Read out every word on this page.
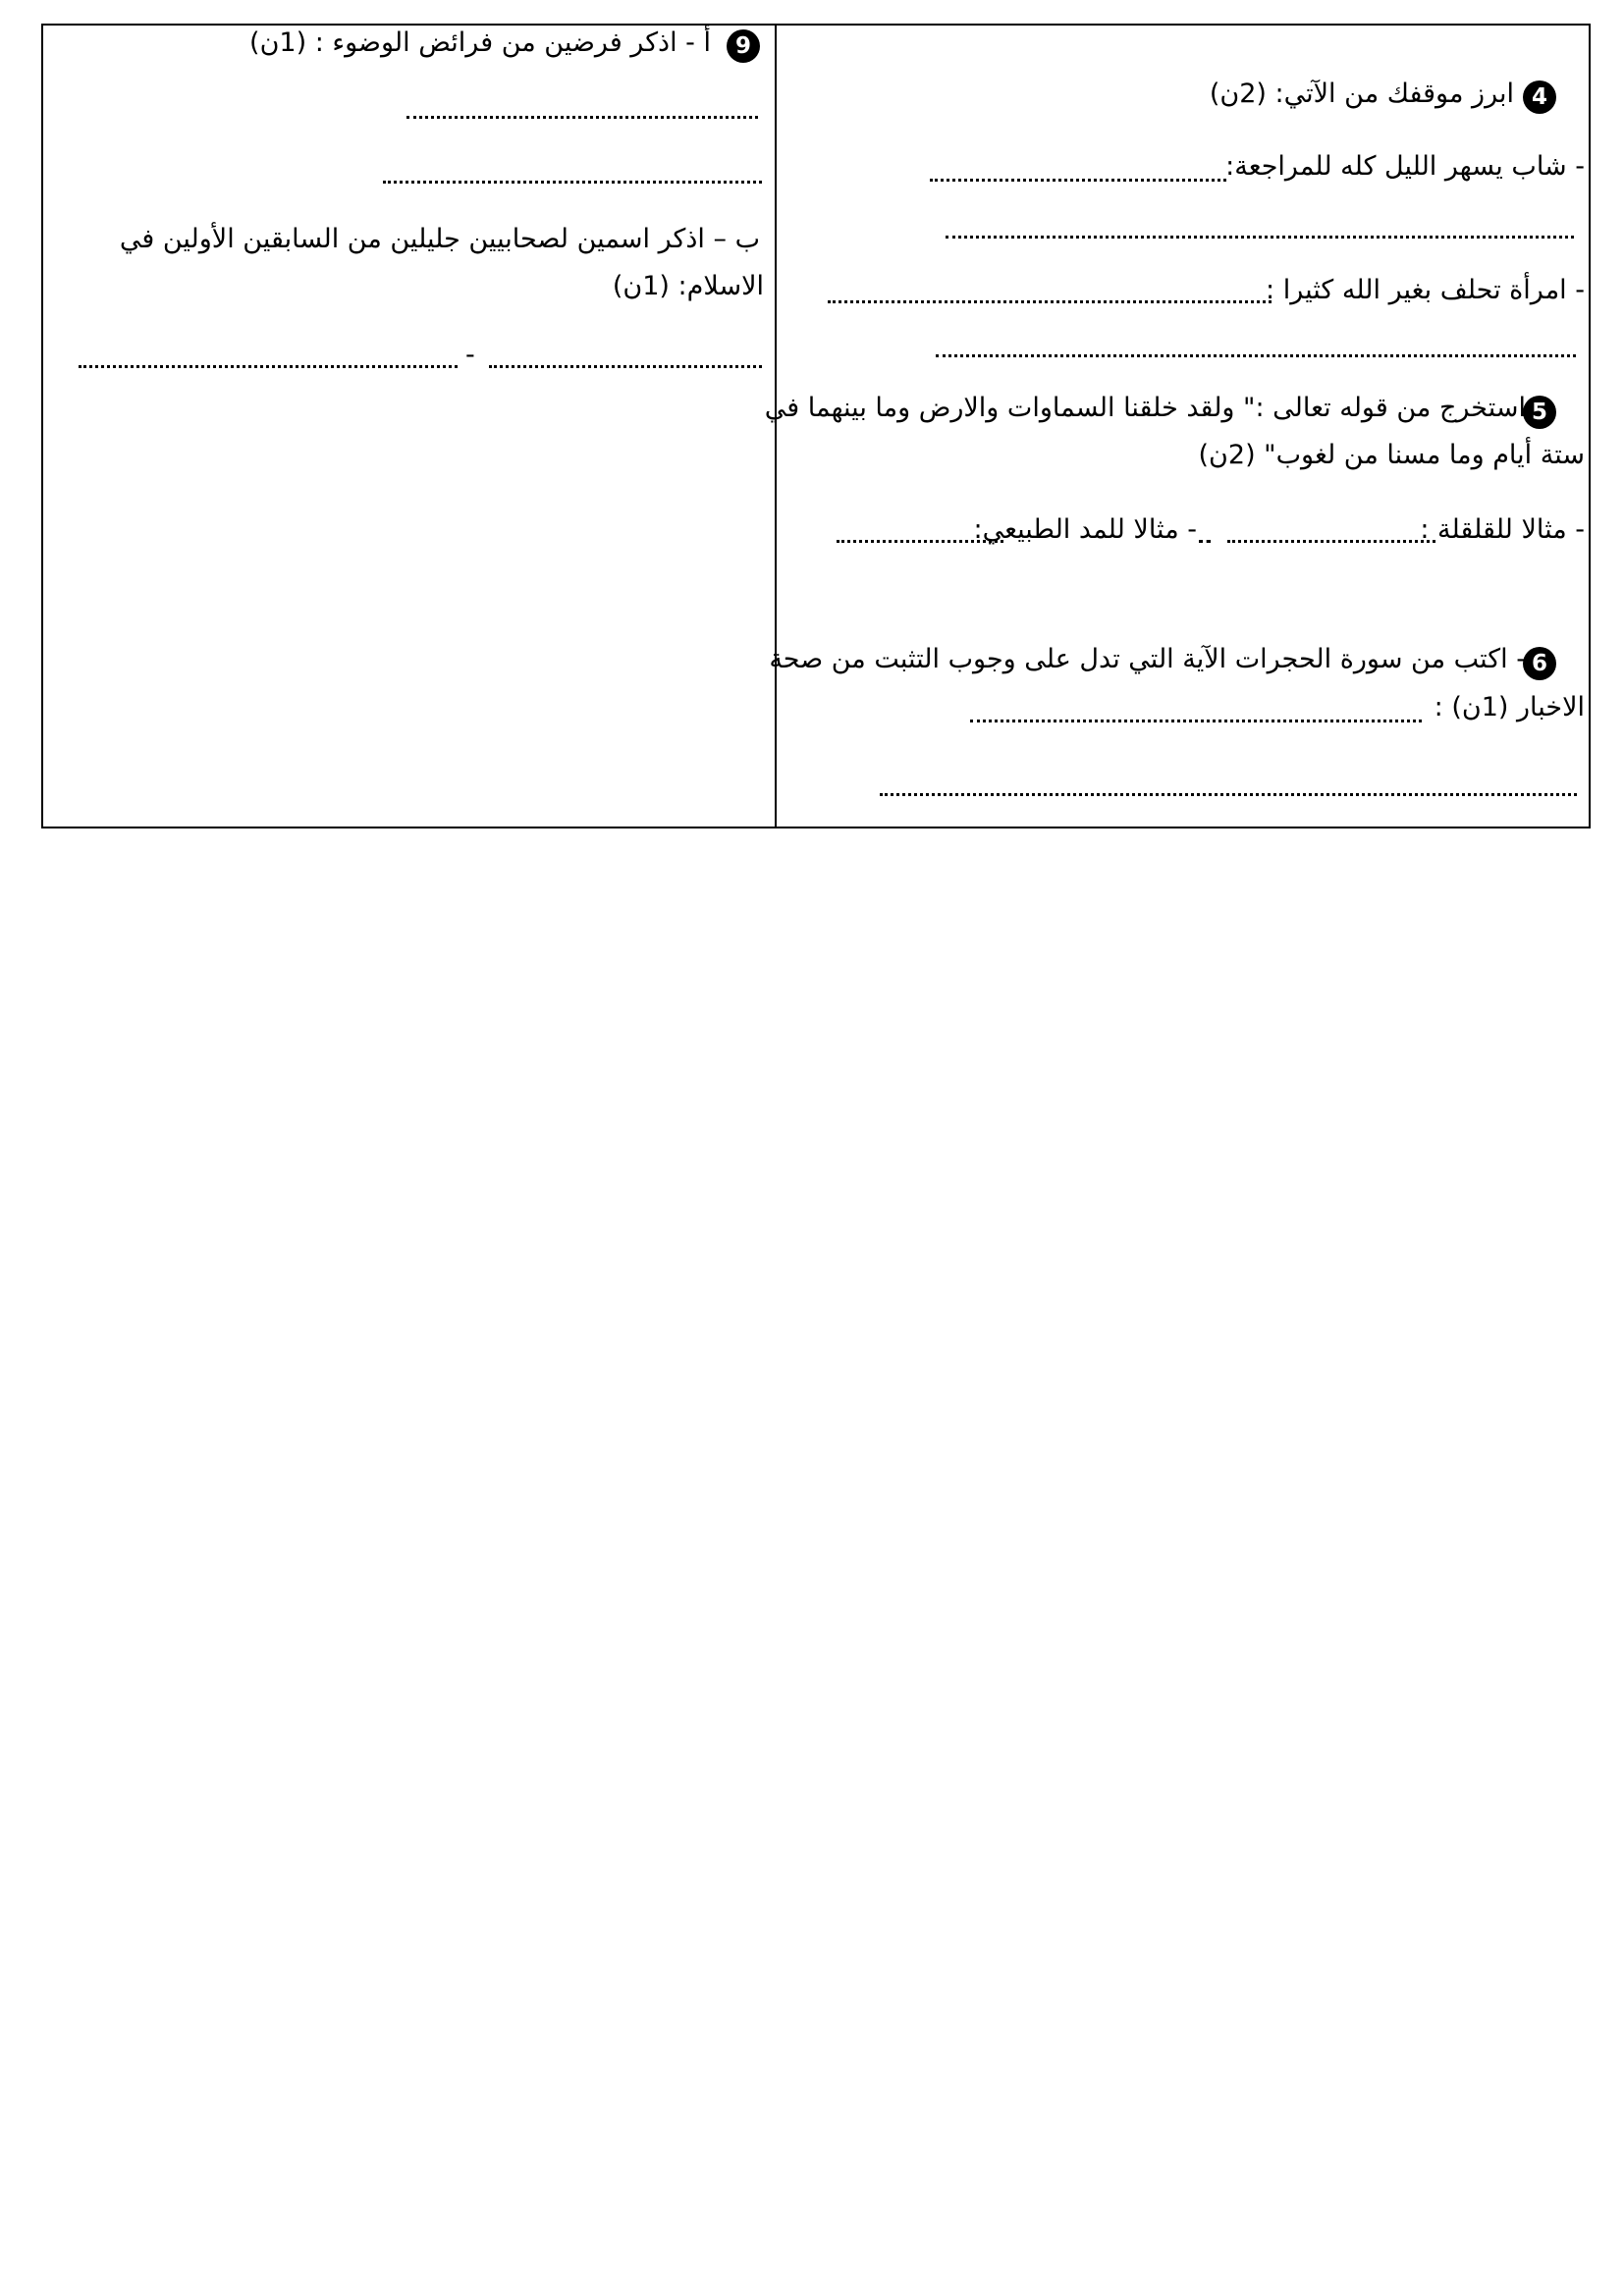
4
ابرز موقفك من الآتي: (2ن)
- شاب يسهر الليل كله للمراجعة:
- امرأة تحلف بغير الله كثيرا :
5
استخرج من قوله تعالى :" ولقد خلقنا السماوات والارض وما بينهما في
ستة أيام وما مسنا من لغوب" (2ن)
- مثالا للقلقلة :
- مثالا للمد الطبيعي:
6
- اكتب من سورة الحجرات الآية التي تدل على وجوب التثبت من صحة
الاخبار (1ن) :
9
أ - اذكر فرضين من فرائض الوضوء : (1ن)
ب – اذكر اسمين لصحابيين جليلين من السابقين الأولين في
الاسلام: (1ن)
-
